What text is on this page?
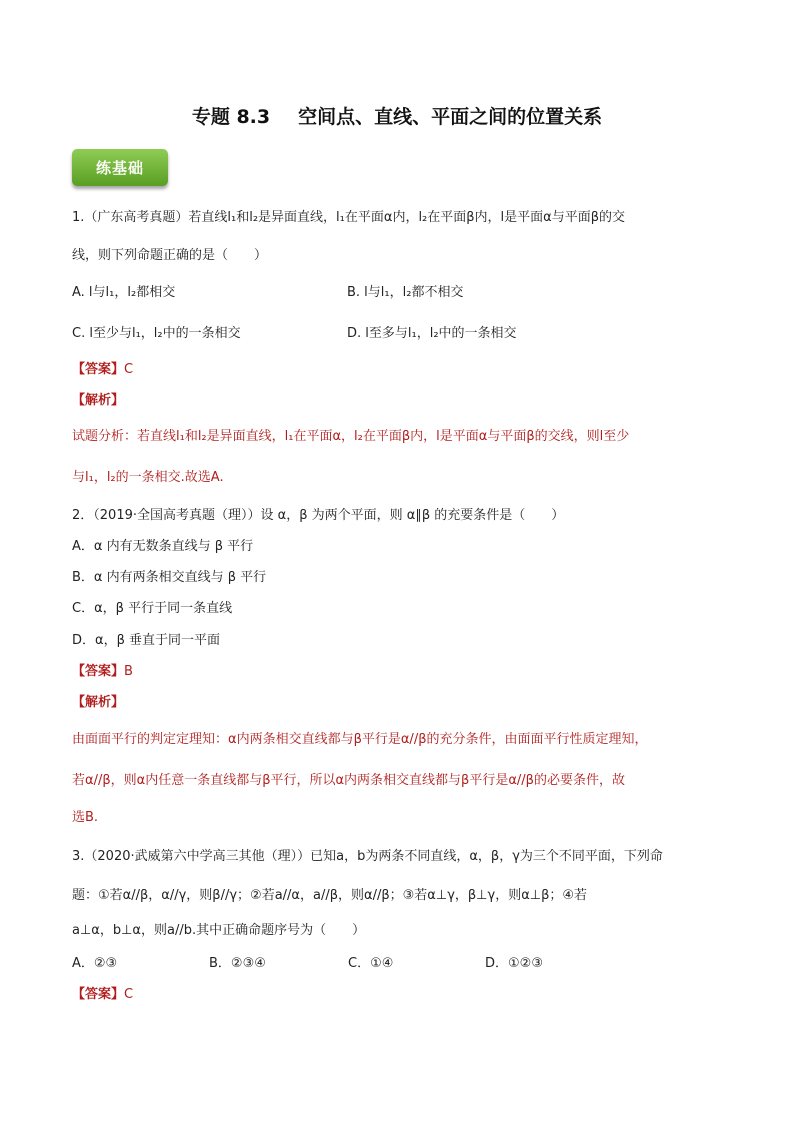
专题 8.3 空间点、直线、平面之间的位置关系
练基础
1.（广东高考真题）若直线l₁和l₂是异面直线，l₁在平面α内，l₂在平面β内，l是平面α与平面β的交
线，则下列命题正确的是（　　）
A. l与l₁，l₂都相交	B. l与l₁，l₂都不相交
C. l至少与l₁，l₂中的一条相交	D. l至多与l₁，l₂中的一条相交
【答案】C
【解析】
试题分析：若直线l₁和l₂是异面直线，l₁在平面α，l₂在平面β内，l是平面α与平面β的交线，则l至少
与l₁，l₂的一条相交.故选A.
2．（2019·全国高考真题（理））设 α，β 为两个平面，则 α∥β 的充要条件是（　　）
A．α 内有无数条直线与 β 平行
B．α 内有两条相交直线与 β 平行
C．α，β 平行于同一条直线
D．α，β 垂直于同一平面
【答案】B
【解析】
由面面平行的判定定理知：α内两条相交直线都与β平行是α//β的充分条件，由面面平行性质定理知，
若α//β，则α内任意一条直线都与β平行，所以α内两条相交直线都与β平行是α//β的必要条件，故
选B.
3.（2020·武威第六中学高三其他（理））已知a，b为两条不同直线，α，β，γ为三个不同平面，下列命
题：①若α//β，α//γ，则β//γ；②若a//α，a//β，则α//β；③若α⊥γ，β⊥γ，则α⊥β；④若
a⊥α，b⊥α，则a//b.其中正确命题序号为（　　）
A．②③	B．②③④	C．①④	D．①②③
【答案】C
